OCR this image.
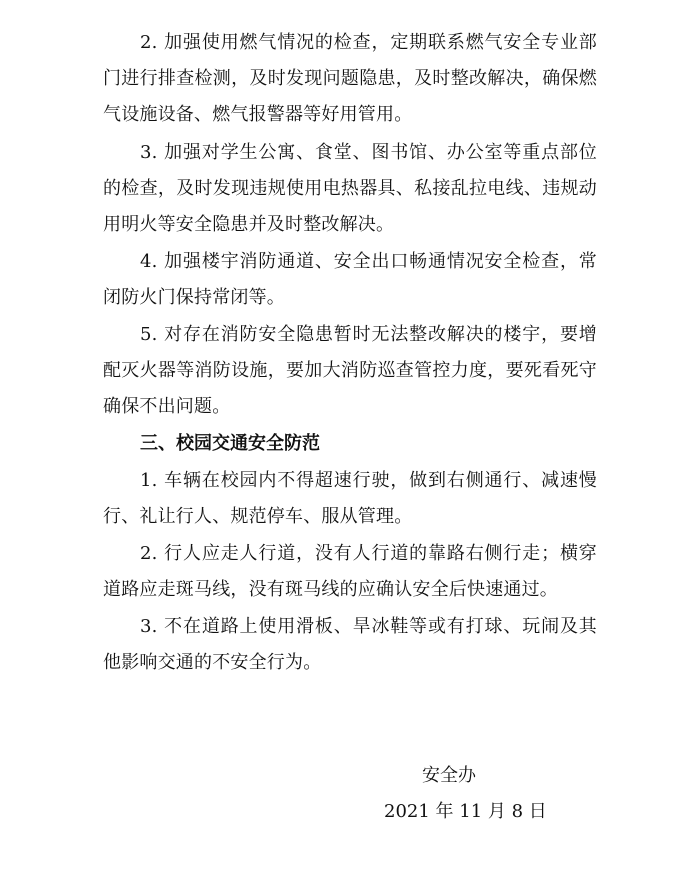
2. 加强使用燃气情况的检查，定期联系燃气安全专业部门进行排查检测，及时发现问题隐患，及时整改解决，确保燃气设施设备、燃气报警器等好用管用。

3. 加强对学生公寓、食堂、图书馆、办公室等重点部位的检查，及时发现违规使用电热器具、私接乱拉电线、违规动用明火等安全隐患并及时整改解决。

4. 加强楼宇消防通道、安全出口畅通情况安全检查，常闭防火门保持常闭等。

5. 对存在消防安全隐患暂时无法整改解决的楼宇，要增配灭火器等消防设施，要加大消防巡查管控力度，要死看死守确保不出问题。

三、校园交通安全防范

1. 车辆在校园内不得超速行驶，做到右侧通行、减速慢行、礼让行人、规范停车、服从管理。

2. 行人应走人行道，没有人行道的靠路右侧行走；横穿道路应走斑马线，没有斑马线的应确认安全后快速通过。

3. 不在道路上使用滑板、旱冰鞋等或有打球、玩闹及其他影响交通的不安全行为。

安全办

2021 年 11 月 8 日
